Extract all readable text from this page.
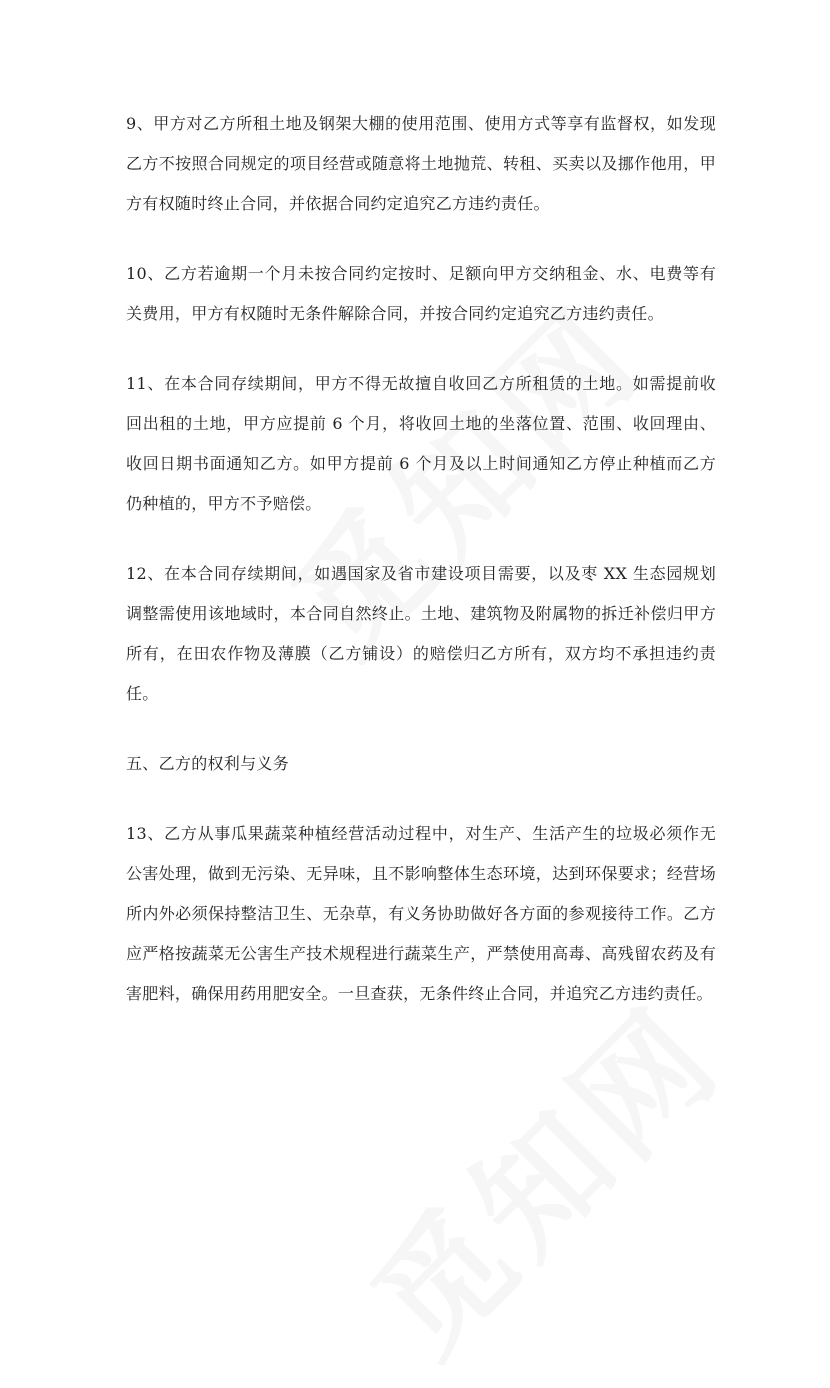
9、甲方对乙方所租土地及钢架大棚的使用范围、使用方式等享有监督权，如发现乙方不按照合同规定的项目经营或随意将土地抛荒、转租、买卖以及挪作他用，甲方有权随时终止合同，并依据合同约定追究乙方违约责任。

10、乙方若逾期一个月未按合同约定按时、足额向甲方交纳租金、水、电费等有关费用，甲方有权随时无条件解除合同，并按合同约定追究乙方违约责任。

11、在本合同存续期间，甲方不得无故擅自收回乙方所租赁的土地。如需提前收回出租的土地，甲方应提前 6 个月，将收回土地的坐落位置、范围、收回理由、收回日期书面通知乙方。如甲方提前 6 个月及以上时间通知乙方停止种植而乙方仍种植的，甲方不予赔偿。

12、在本合同存续期间，如遇国家及省市建设项目需要，以及枣 XX 生态园规划调整需使用该地域时，本合同自然终止。土地、建筑物及附属物的拆迁补偿归甲方所有，在田农作物及薄膜（乙方铺设）的赔偿归乙方所有，双方均不承担违约责任。

五、乙方的权利与义务

13、乙方从事瓜果蔬菜种植经营活动过程中，对生产、生活产生的垃圾必须作无公害处理，做到无污染、无异味，且不影响整体生态环境，达到环保要求；经营场所内外必须保持整洁卫生、无杂草，有义务协助做好各方面的参观接待工作。乙方应严格按蔬菜无公害生产技术规程进行蔬菜生产，严禁使用高毒、高残留农药及有害肥料，确保用药用肥安全。一旦查获，无条件终止合同，并追究乙方违约责任。
